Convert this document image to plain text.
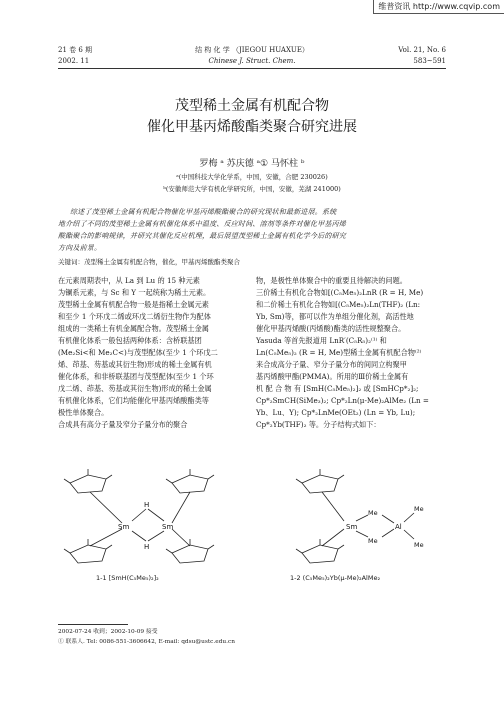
维普资讯 http://www.cqvip.com
21 卷 6 期
2002. 11
结 构 化 学 （JIEGOU HUAXUE）
Chinese J. Struct. Chem.
Vol. 21, No. 6
583~591
茂型稀土金属有机配合物
催化甲基丙烯酸酯类聚合研究进展
罗梅 ᵃ 苏庆德 ᵃ① 马怀柱 ᵇ
ᵃ(中国科技大学化学系，中国，安徽，合肥 230026)
ᵇ(安徽师范大学有机化学研究所，中国，安徽，芜湖 241000)
综述了茂型稀土金属有机配合物催化甲基丙烯酸酯聚合的研究现状和最新进展。系统
地介绍了不同的茂型稀土金属有机催化体系中温度、反应时间、溶剂等条件对催化甲基丙烯
酸酯聚合的影响规律，并研究其催化反应机理，最后展望茂型稀土金属有机化学今后的研究
方向及前景。
关键词：茂型稀土金属有机配合物，催化，甲基丙烯酸酯类聚合

在元素周期表中，从 La 到 Lu 的 15 种元素

为镧系元素，与 Sc 和 Y 一起统称为稀土元素。

茂型稀土金属有机配合物一般是指稀土金属元素

和至少 1 个环戊二烯或环戊二烯衍生物作为配体

组成的一类稀土有机金属配合物。茂型稀土金属

有机催化体系一般包括两种体系：含桥联基团

(Me₂Si<和 Me₂C<)与茂型配体(至少 1 个环戊二

烯、茚基、芴基或其衍生物)形成的稀土金属有机

催化体系，和非桥联基团与茂型配体(至少 1 个环

戊二烯、茚基、芴基或其衍生物)形成的稀土金属

有机催化体系，它们均能催化甲基丙烯酸酯类等

极性单体聚合。

合成具有高分子量及窄分子量分布的聚合

物，是极性单体聚合中的重要且待解决的问题。

三价稀土有机化合物如[(C₅Me₅)₂LnR (R = H, Me)

和二价稀土有机化合物如[(C₅Me₅)₂Ln(THF)₂ (Ln:

Yb, Sm)等，都可以作为单组分催化剂，高活性地

催化甲基丙烯酸(丙烯酸)酯类的活性规整聚合。

Yasuda 等首先报道用 LnR′(C₅R₅)₂⁽¹⁾ 和

Ln(C₅Me₅)₂ (R = H, Me)型稀土金属有机配合物⁽²⁾

来合成高分子量、窄分子量分布的间同立构聚甲

基丙烯酸甲酯(PMMA)。所用的Ⅲ价稀土金属有

机 配 合 物 有 [SmH(C₅Me₅)₂]₂ 或 [SmHCp*₂]₂;

Cp*₂SmCH(SiMe₃)₂; Cp*₂Ln(μ-Me)₂AlMe₂ (Ln =

Yb、Lu、Y); Cp*₂LnMe(OEt₂) (Ln = Yb, Lu);

Cp*₂Yb(THF)₂ 等。分子结构式如下：

Sm	Sm
H
H
1-1 [SmH(C₅Me₅)₂]₂
Sm
Me
Me
Al
Me
Me
1-2 (C₅Me₅)₂Yb(μ-Me)₂AlMe₂
2002-07-24 收到；2002-10-09 接受
① 联系人. Tel: 0086-551-3606642, E-mail: qdsu@ustc.edu.cn
